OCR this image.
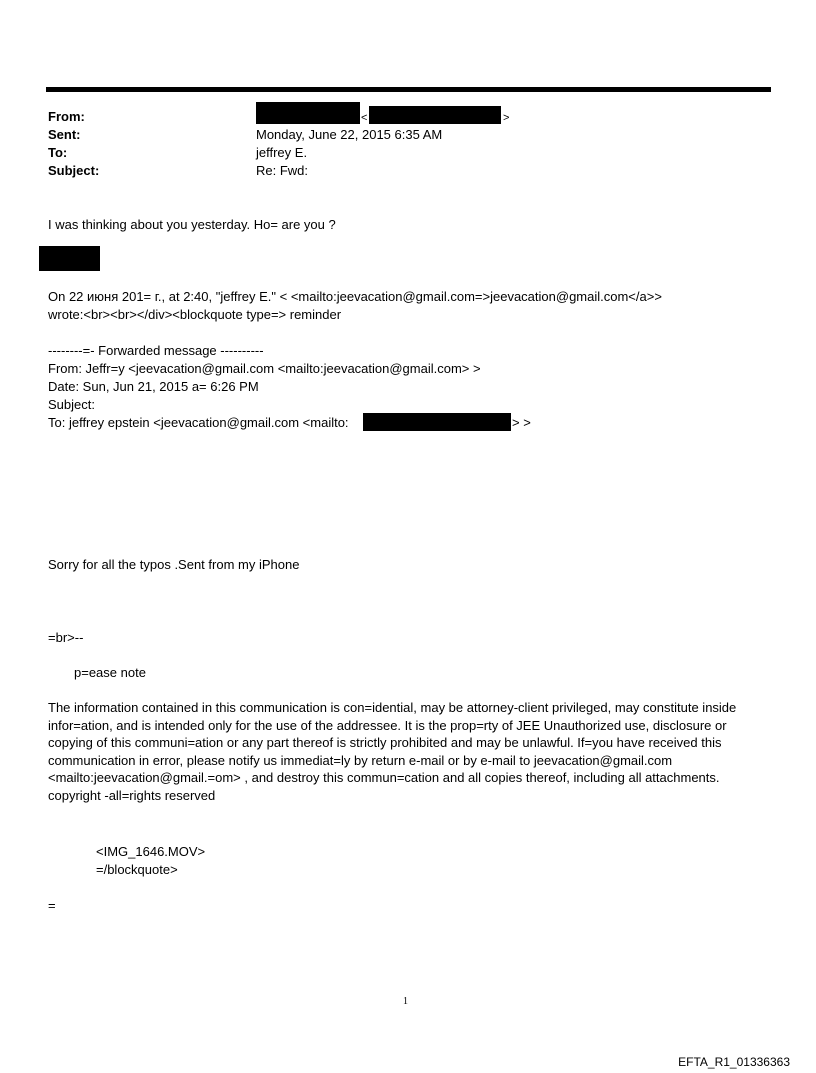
From:
Sent:
To:
Subject:
<	>
Monday, June 22, 2015 6:35 AM
jeffrey E.
Re: Fwd:
I was thinking about you yesterday. Ho= are you ?
On 22 июня 201= г., at 2:40, "jeffrey E." < <mailto:jeevacation@gmail.com=>jeevacation@gmail.com</a>>
wrote:<br><br></div><blockquote type=> reminder
--------=- Forwarded message ----------
From: Jeffr=y <jeevacation@gmail.com <mailto:jeevacation@gmail.com> >
Date: Sun, Jun 21, 2015 a= 6:26 PM
Subject:
To: jeffrey epstein <jeevacation@gmail.com <mailto:	> >
Sorry for all the typos .Sent from my iPhone
=br>--
p=ease note
The information contained in this communication is con=idential, may be attorney-client privileged, may constitute inside infor=ation, and is intended only for the use of the addressee. It is the prop=rty of JEE Unauthorized use, disclosure or copying of this communi=ation or any part thereof is strictly prohibited and may be unlawful. If=you have received this communication in error, please notify us immediat=ly by return e-mail or by e-mail to jeevacation@gmail.com <mailto:jeevacation@gmail.=om> , and destroy this commun=cation and all copies thereof, including all attachments. copyright -all=rights reserved
<IMG_1646.MOV>
=/blockquote>
=
1
EFTA_R1_01336363
